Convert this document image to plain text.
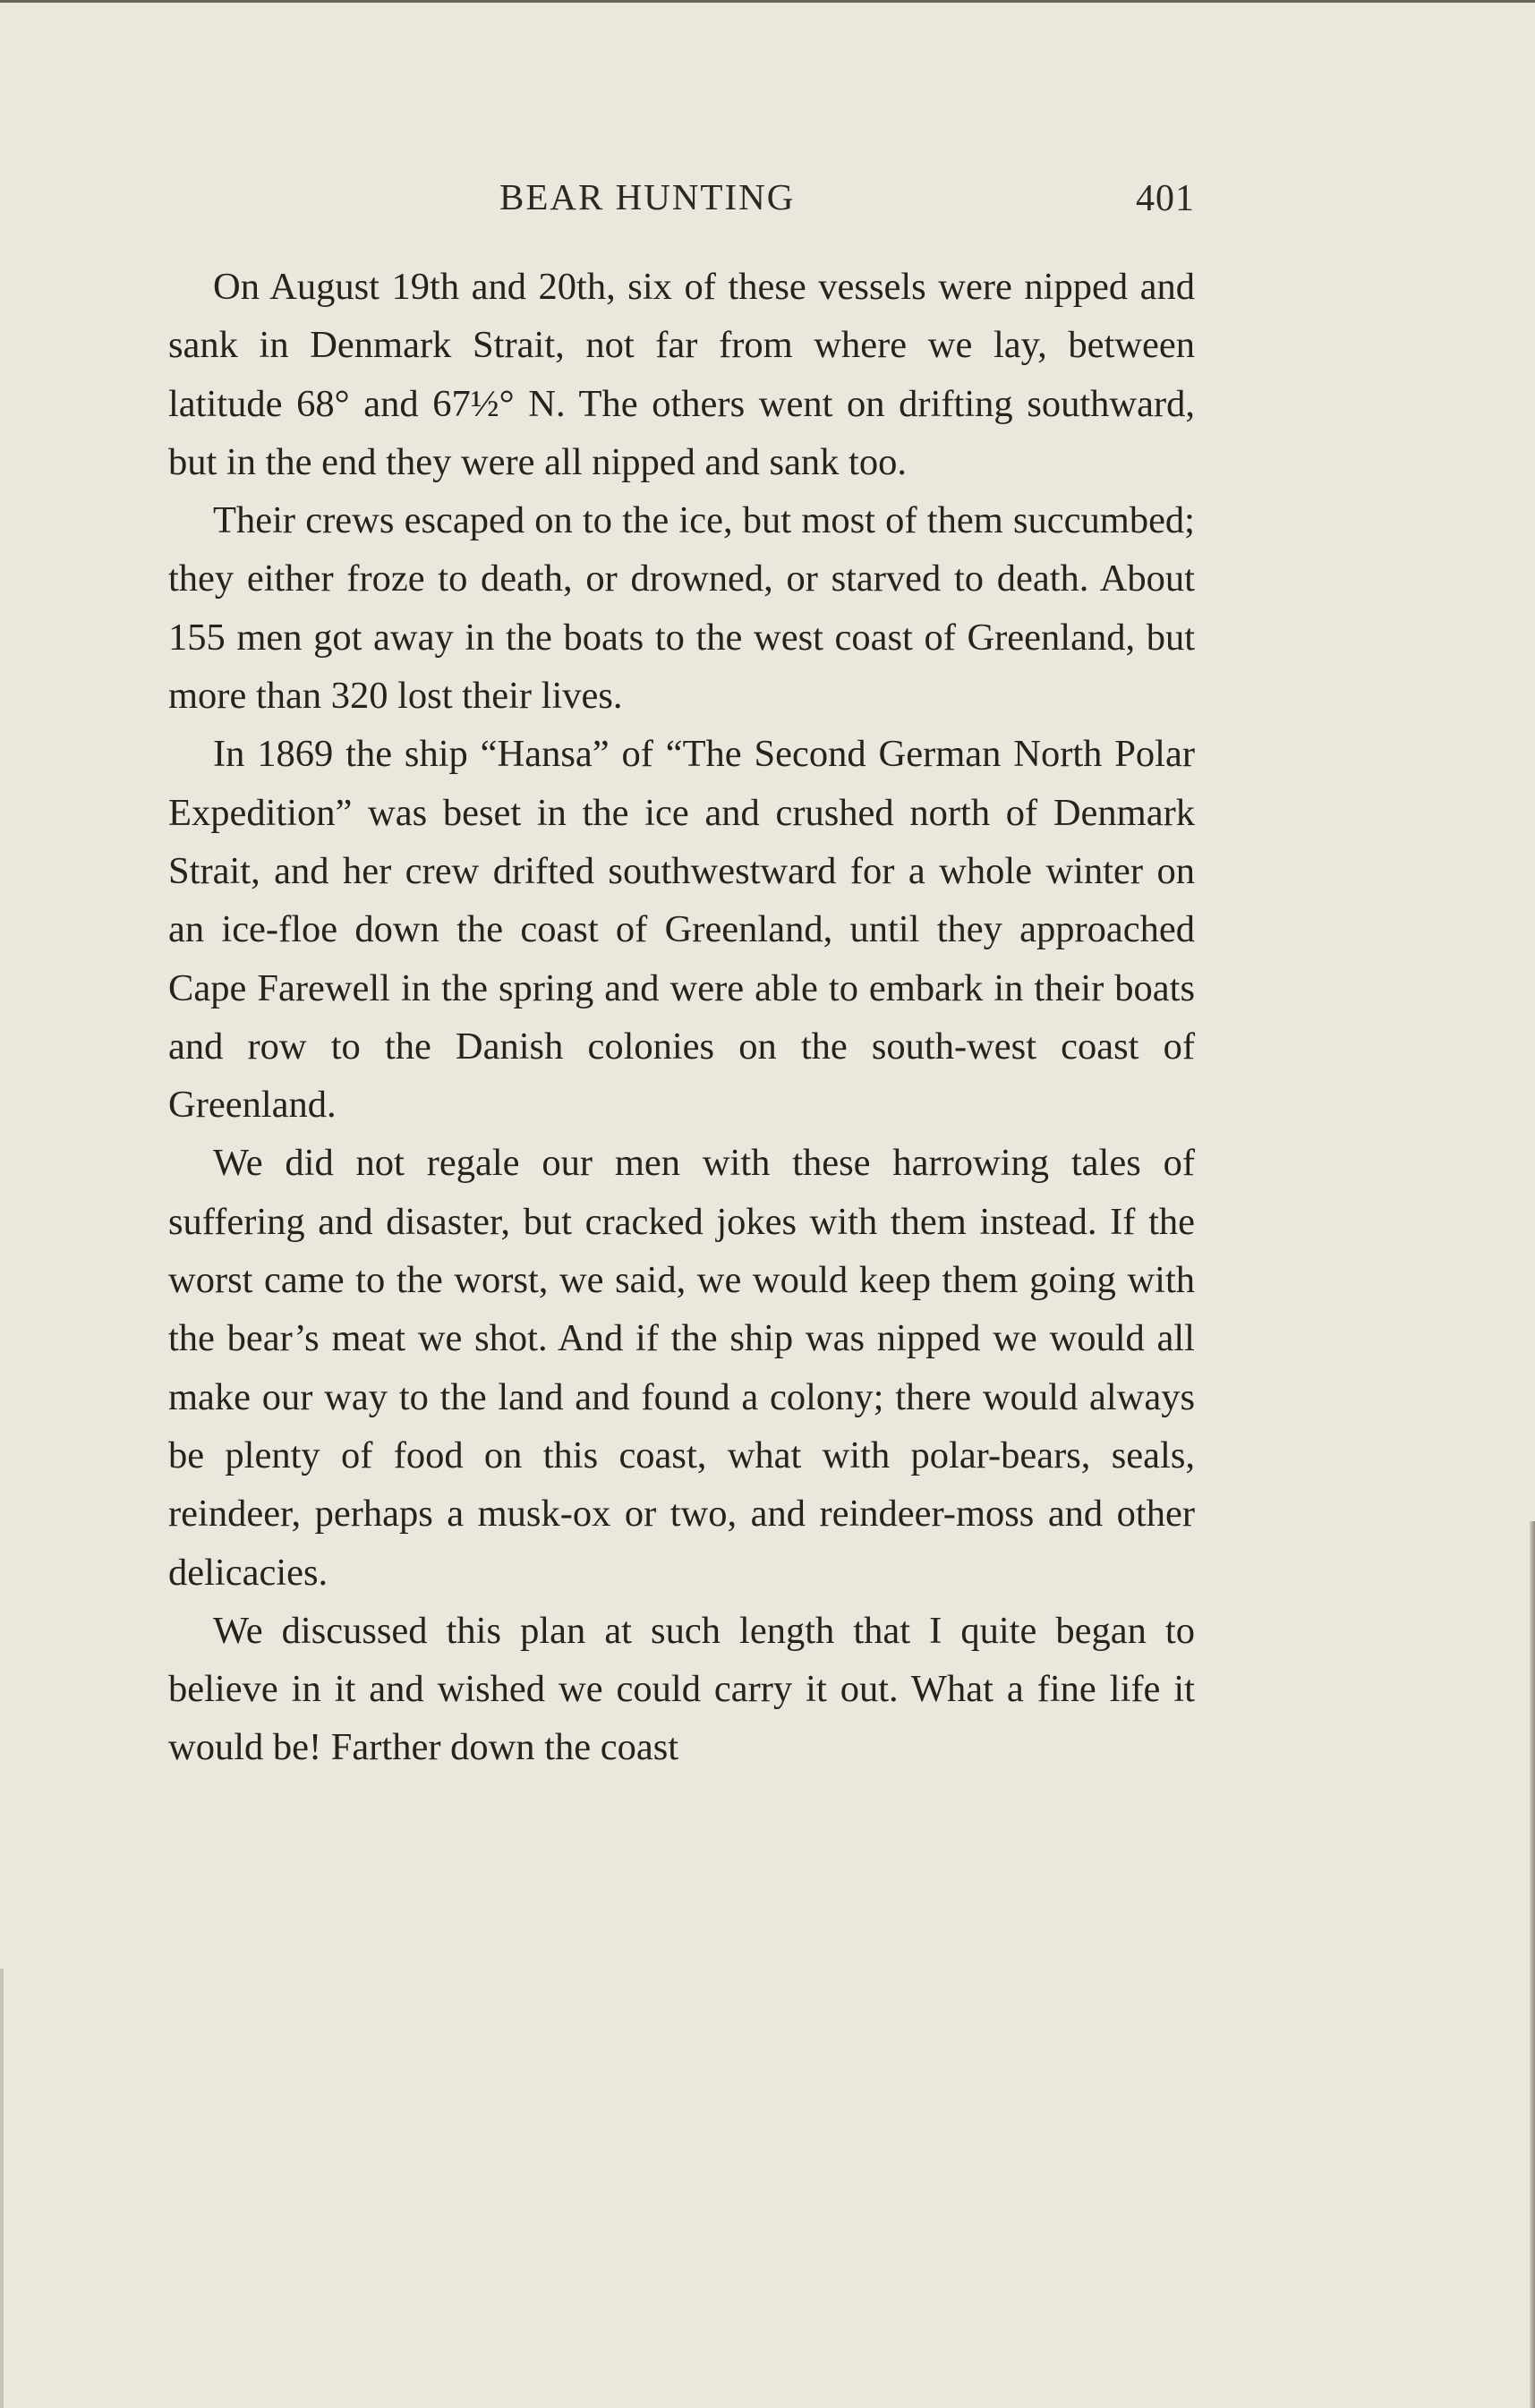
BEAR HUNTING	401

On August 19th and 20th, six of these vessels were nipped and sank in Denmark Strait, not far from where we lay, between latitude 68° and 67½° N. The others went on drifting southward, but in the end they were all nipped and sank too.

Their crews escaped on to the ice, but most of them succumbed; they either froze to death, or drowned, or starved to death. About 155 men got away in the boats to the west coast of Greenland, but more than 320 lost their lives.

In 1869 the ship “Hansa” of “The Second German North Polar Expedition” was beset in the ice and crushed north of Denmark Strait, and her crew drifted southwestward for a whole winter on an ice-floe down the coast of Greenland, until they approached Cape Farewell in the spring and were able to embark in their boats and row to the Danish colonies on the south-west coast of Greenland.

We did not regale our men with these harrowing tales of suffering and disaster, but cracked jokes with them instead. If the worst came to the worst, we said, we would keep them going with the bear’s meat we shot. And if the ship was nipped we would all make our way to the land and found a colony; there would always be plenty of food on this coast, what with polar-bears, seals, reindeer, perhaps a musk-ox or two, and reindeer-moss and other delicacies.

We discussed this plan at such length that I quite began to believe in it and wished we could carry it out. What a fine life it would be! Farther down the coast
